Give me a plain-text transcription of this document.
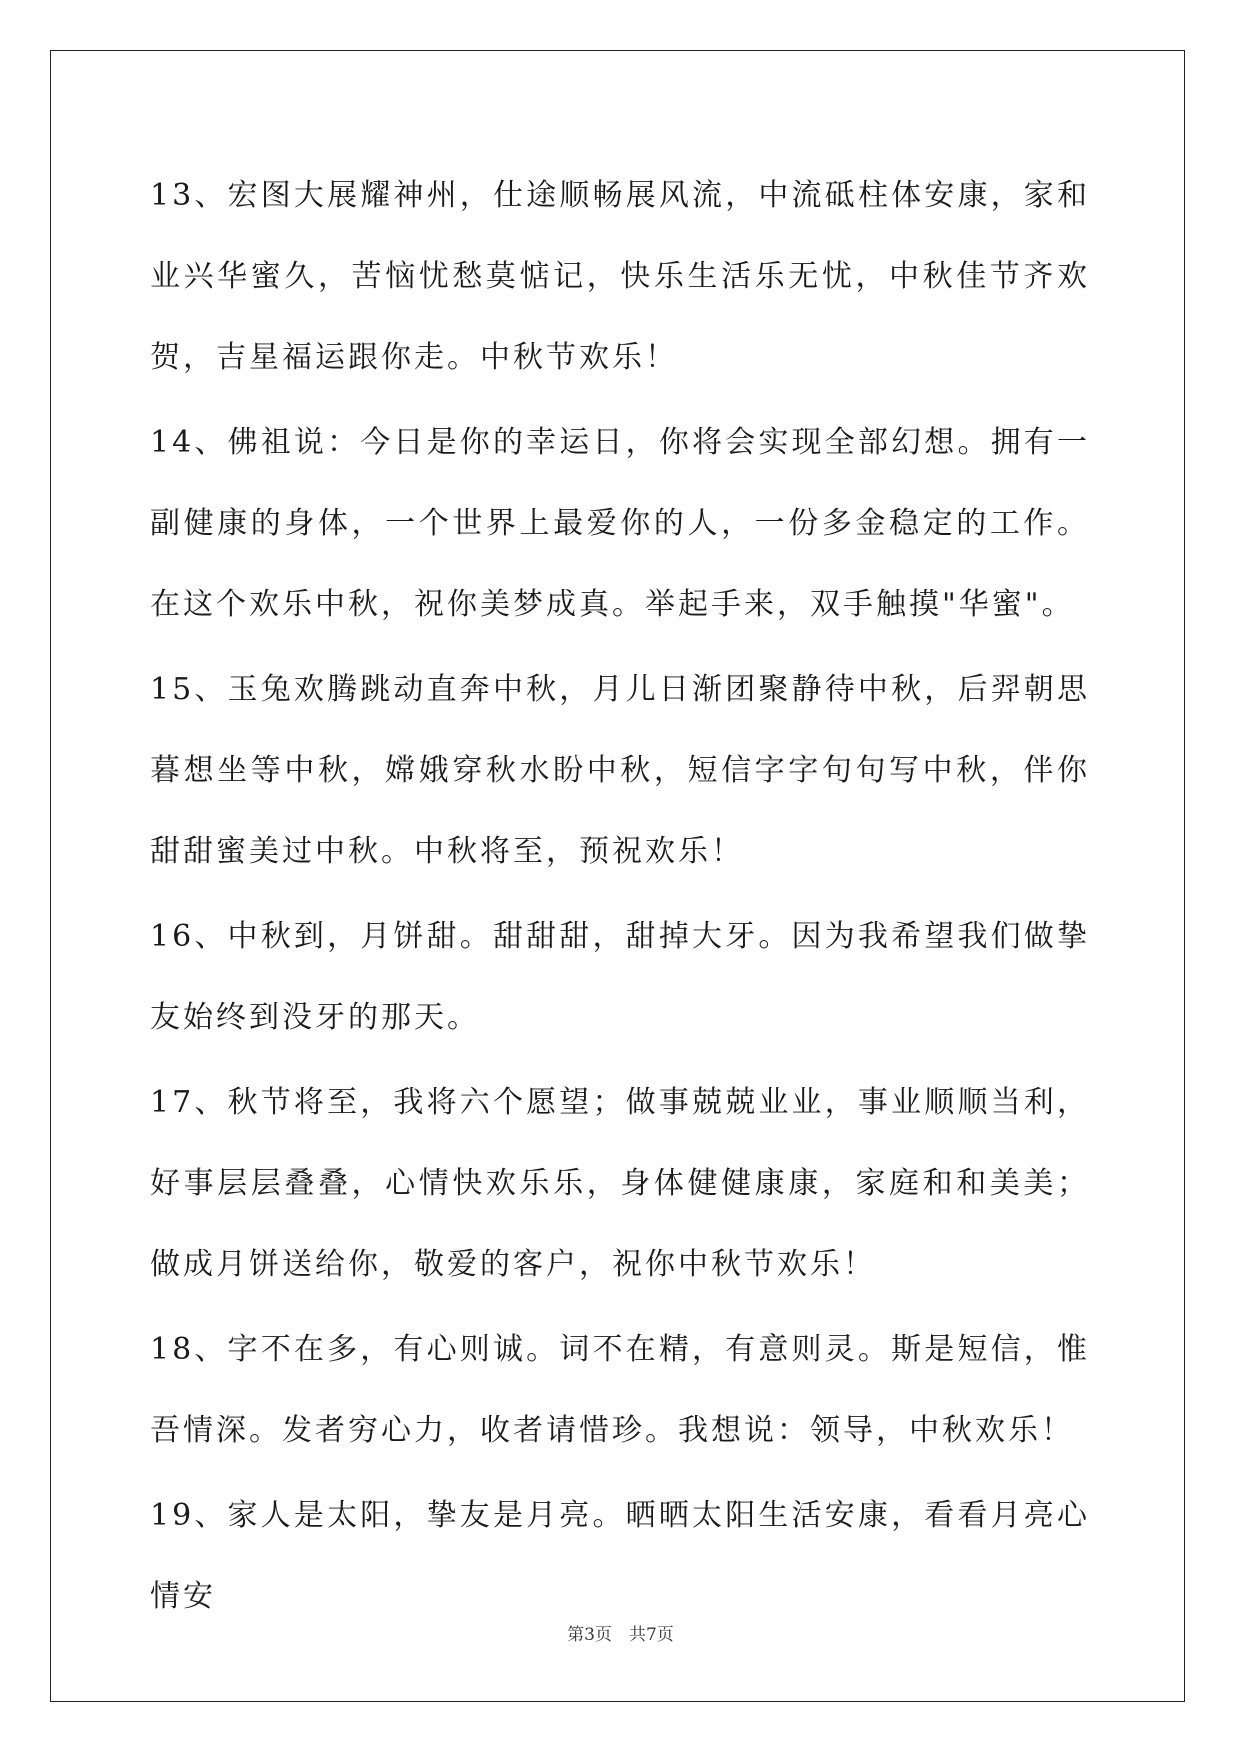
13、宏图大展耀神州，仕途顺畅展风流，中流砥柱体安康，家和业兴华蜜久，苦恼忧愁莫惦记，快乐生活乐无忧，中秋佳节齐欢贺，吉星福运跟你走。中秋节欢乐！

14、佛祖说：今日是你的幸运日，你将会实现全部幻想。拥有一副健康的身体，一个世界上最爱你的人，一份多金稳定的工作。在这个欢乐中秋，祝你美梦成真。举起手来，双手触摸"华蜜"。

15、玉兔欢腾跳动直奔中秋，月儿日渐团聚静待中秋，后羿朝思暮想坐等中秋，嫦娥穿秋水盼中秋，短信字字句句写中秋，伴你甜甜蜜美过中秋。中秋将至，预祝欢乐！

16、中秋到，月饼甜。甜甜甜，甜掉大牙。因为我希望我们做挚友始终到没牙的那天。

17、秋节将至，我将六个愿望；做事兢兢业业，事业顺顺当利，好事层层叠叠，心情快欢乐乐，身体健健康康，家庭和和美美；做成月饼送给你，敬爱的客户，祝你中秋节欢乐！

18、字不在多，有心则诚。词不在精，有意则灵。斯是短信，惟吾情深。发者穷心力，收者请惜珍。我想说：领导，中秋欢乐！

19、家人是太阳，挚友是月亮。晒晒太阳生活安康，看看月亮心情安

第3页　共7页
